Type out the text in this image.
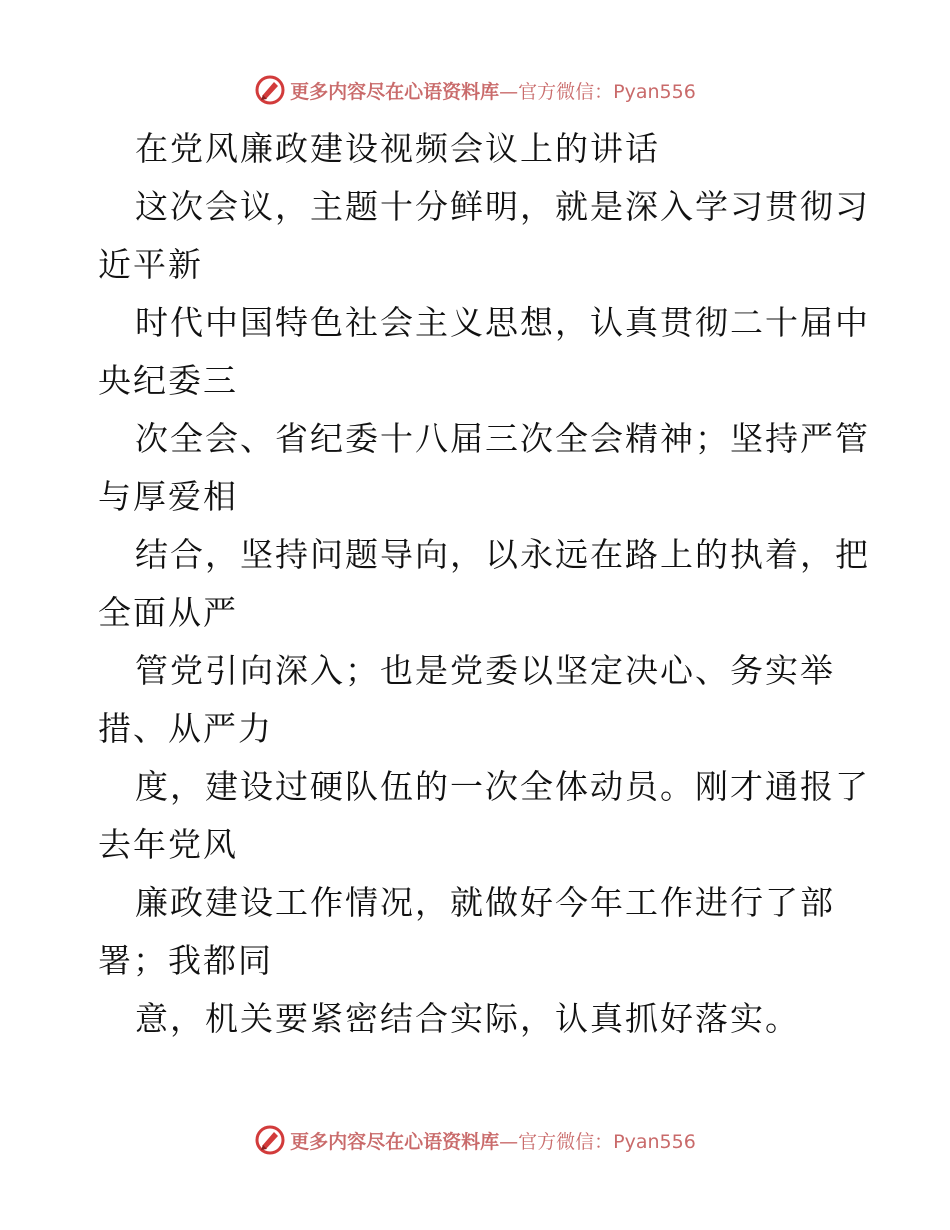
更多内容尽在心语资料库 —官方微信：Pyan556
在党风廉政建设视频会议上的讲话
这次会议，主题十分鲜明，就是深入学习贯彻习
近平新
时代中国特色社会主义思想，认真贯彻二十届中
央纪委三
次全会、省纪委十八届三次全会精神；坚持严管
与厚爱相
结合，坚持问题导向，以永远在路上的执着，把
全面从严
管党引向深入；也是党委以坚定决心、务实举
措、从严力
度，建设过硬队伍的一次全体动员。刚才通报了
去年党风
廉政建设工作情况，就做好今年工作进行了部
署；我都同
意，机关要紧密结合实际，认真抓好落实。
更多内容尽在心语资料库 —官方微信：Pyan556
